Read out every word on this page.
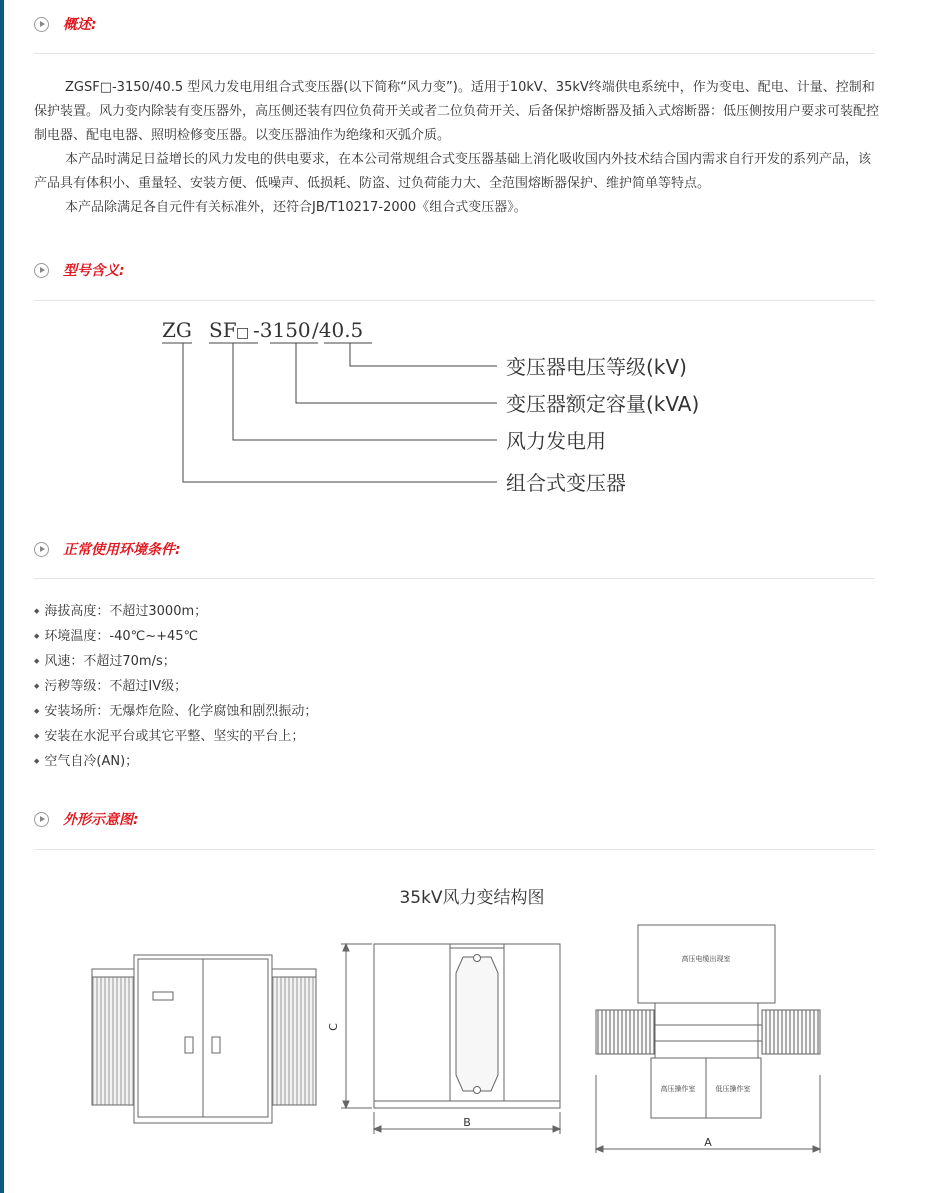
概述:

ZGSF□-3150/40.5 型风力发电用组合式变压器(以下简称“风力变”)。适用于10kV、35kV终端供电系统中，作为变电、配电、计量、控制和保护装置。风力变内除装有变压器外，高压侧还装有四位负荷开关或者二位负荷开关、后备保护熔断器及插入式熔断器：低压侧按用户要求可装配控制电器、配电电器、照明检修变压器。以变压器油作为绝缘和灭弧介质。

本产品时满足日益增长的风力发电的供电要求，在本公司常规组合式变压器基础上消化吸收国内外技术结合国内需求自行开发的系列产品，该产品具有体积小、重量轻、安装方便、低噪声、低损耗、防盗、过负荷能力大、全范围熔断器保护、维护简单等特点。

本产品除满足各自元件有关标准外，还符合JB/T10217-2000《组合式变压器》。

型号含义:
ZG SF □ -3150 /40.5
变压器电压等级(kV)
变压器额定容量(kVA)
风力发电用
组合式变压器
正常使用环境条件:
◆ 海拔高度：不超过3000m；
◆ 环境温度：-40℃~+45℃
◆ 风速：不超过70m/s；
◆ 污秽等级：不超过IV级；
◆ 安装场所：无爆炸危险、化学腐蚀和剧烈振动；
◆ 安装在水泥平台或其它平整、坚实的平台上；
◆ 空气自冷(AN)；
外形示意图:
35kV风力变结构图
C
B
高压电缆出现室
高压操作室	低压操作室
A
